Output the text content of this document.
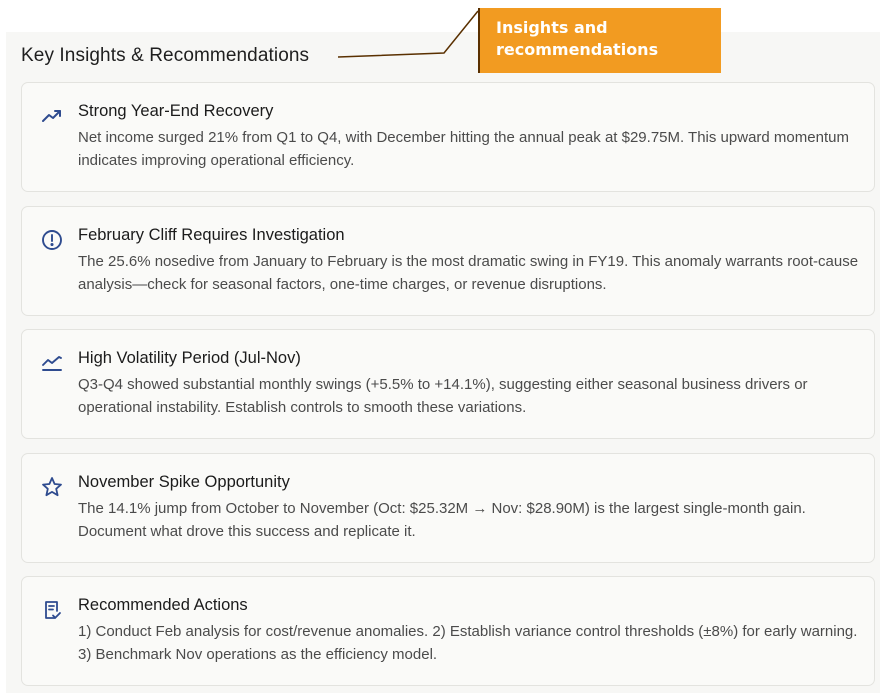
Key Insights & Recommendations
Insights and recommendations
Strong Year-End Recovery

Net income surged 21% from Q1 to Q4, with December hitting the annual peak at $29.75M. This upward momentum indicates improving operational efficiency.

February Cliff Requires Investigation

The 25.6% nosedive from January to February is the most dramatic swing in FY19. This anomaly warrants root-cause analysis—check for seasonal factors, one-time charges, or revenue disruptions.

High Volatility Period (Jul-Nov)

Q3-Q4 showed substantial monthly swings (+5.5% to +14.1%), suggesting either seasonal business drivers or operational instability. Establish controls to smooth these variations.

November Spike Opportunity

The 14.1% jump from October to November (Oct: $25.32M → Nov: $28.90M) is the largest single-month gain. Document what drove this success and replicate it.

Recommended Actions

1) Conduct Feb analysis for cost/revenue anomalies. 2) Establish variance control thresholds (±8%) for early warning. 3) Benchmark Nov operations as the efficiency model.
